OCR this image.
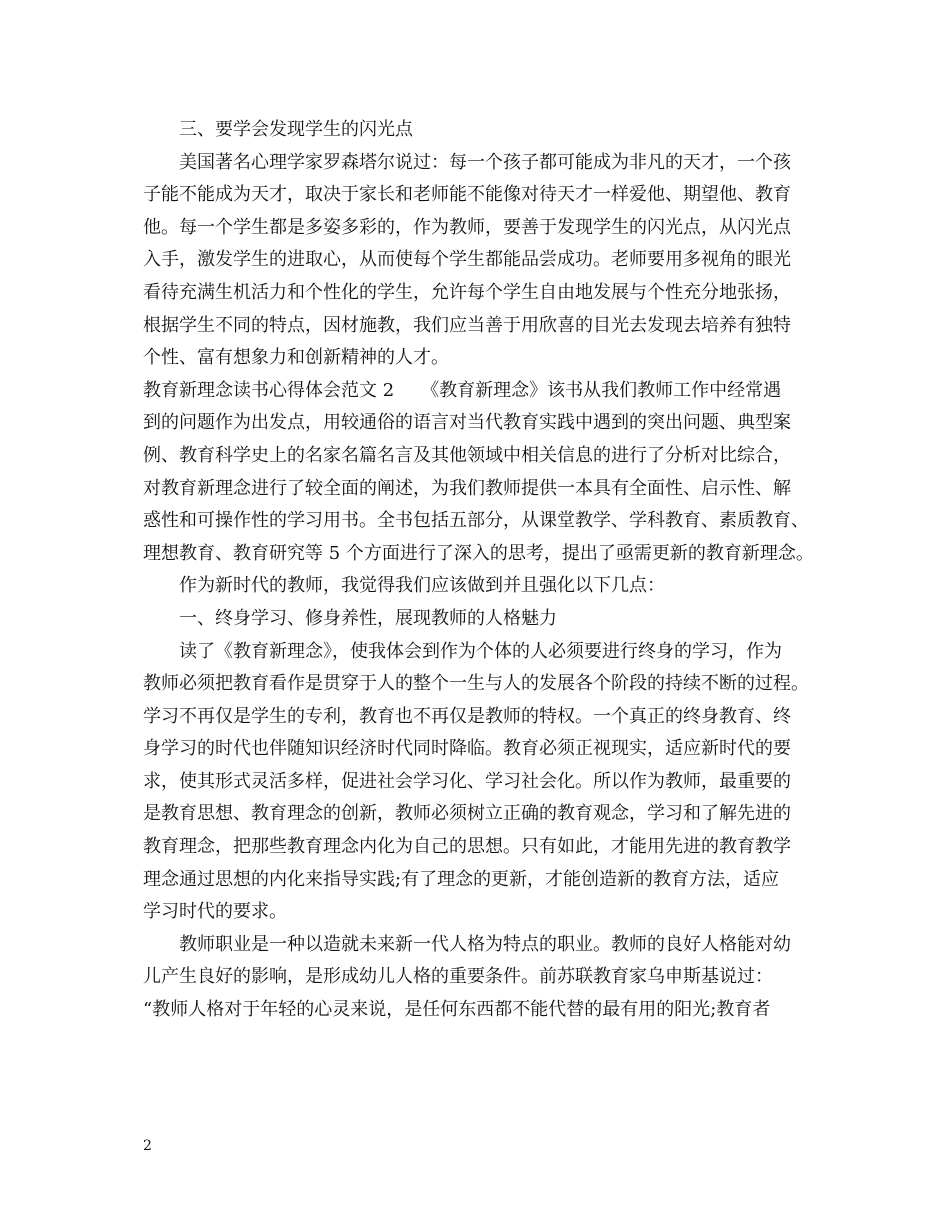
三、要学会发现学生的闪光点
美国著名心理学家罗森塔尔说过：每一个孩子都可能成为非凡的天才，一个孩
子能不能成为天才，取决于家长和老师能不能像对待天才一样爱他、期望他、教育
他。每一个学生都是多姿多彩的，作为教师，要善于发现学生的闪光点，从闪光点
入手，激发学生的进取心，从而使每个学生都能品尝成功。老师要用多视角的眼光
看待充满生机活力和个性化的学生，允许每个学生自由地发展与个性充分地张扬，
根据学生不同的特点，因材施教，我们应当善于用欣喜的目光去发现去培养有独特
个性、富有想象力和创新精神的人才。
教育新理念读书心得体会范文 2　　《教育新理念》该书从我们教师工作中经常遇
到的问题作为出发点，用较通俗的语言对当代教育实践中遇到的突出问题、典型案
例、教育科学史上的名家名篇名言及其他领域中相关信息的进行了分析对比综合，
对教育新理念进行了较全面的阐述，为我们教师提供一本具有全面性、启示性、解
惑性和可操作性的学习用书。全书包括五部分，从课堂教学、学科教育、素质教育、
理想教育、教育研究等 5 个方面进行了深入的思考，提出了亟需更新的教育新理念。
作为新时代的教师，我觉得我们应该做到并且强化以下几点：
一、终身学习、修身养性，展现教师的人格魅力
读了《教育新理念》，使我体会到作为个体的人必须要进行终身的学习，作为
教师必须把教育看作是贯穿于人的整个一生与人的发展各个阶段的持续不断的过程。
学习不再仅是学生的专利，教育也不再仅是教师的特权。一个真正的终身教育、终
身学习的时代也伴随知识经济时代同时降临。教育必须正视现实，适应新时代的要
求，使其形式灵活多样，促进社会学习化、学习社会化。所以作为教师，最重要的
是教育思想、教育理念的创新，教师必须树立正确的教育观念，学习和了解先进的
教育理念，把那些教育理念内化为自己的思想。只有如此，才能用先进的教育教学
理念通过思想的内化来指导实践;有了理念的更新，才能创造新的教育方法，适应
学习时代的要求。
教师职业是一种以造就未来新一代人格为特点的职业。教师的良好人格能对幼
儿产生良好的影响，是形成幼儿人格的重要条件。前苏联教育家乌申斯基说过：
“教师人格对于年轻的心灵来说，是任何东西都不能代替的最有用的阳光;教育者
2
